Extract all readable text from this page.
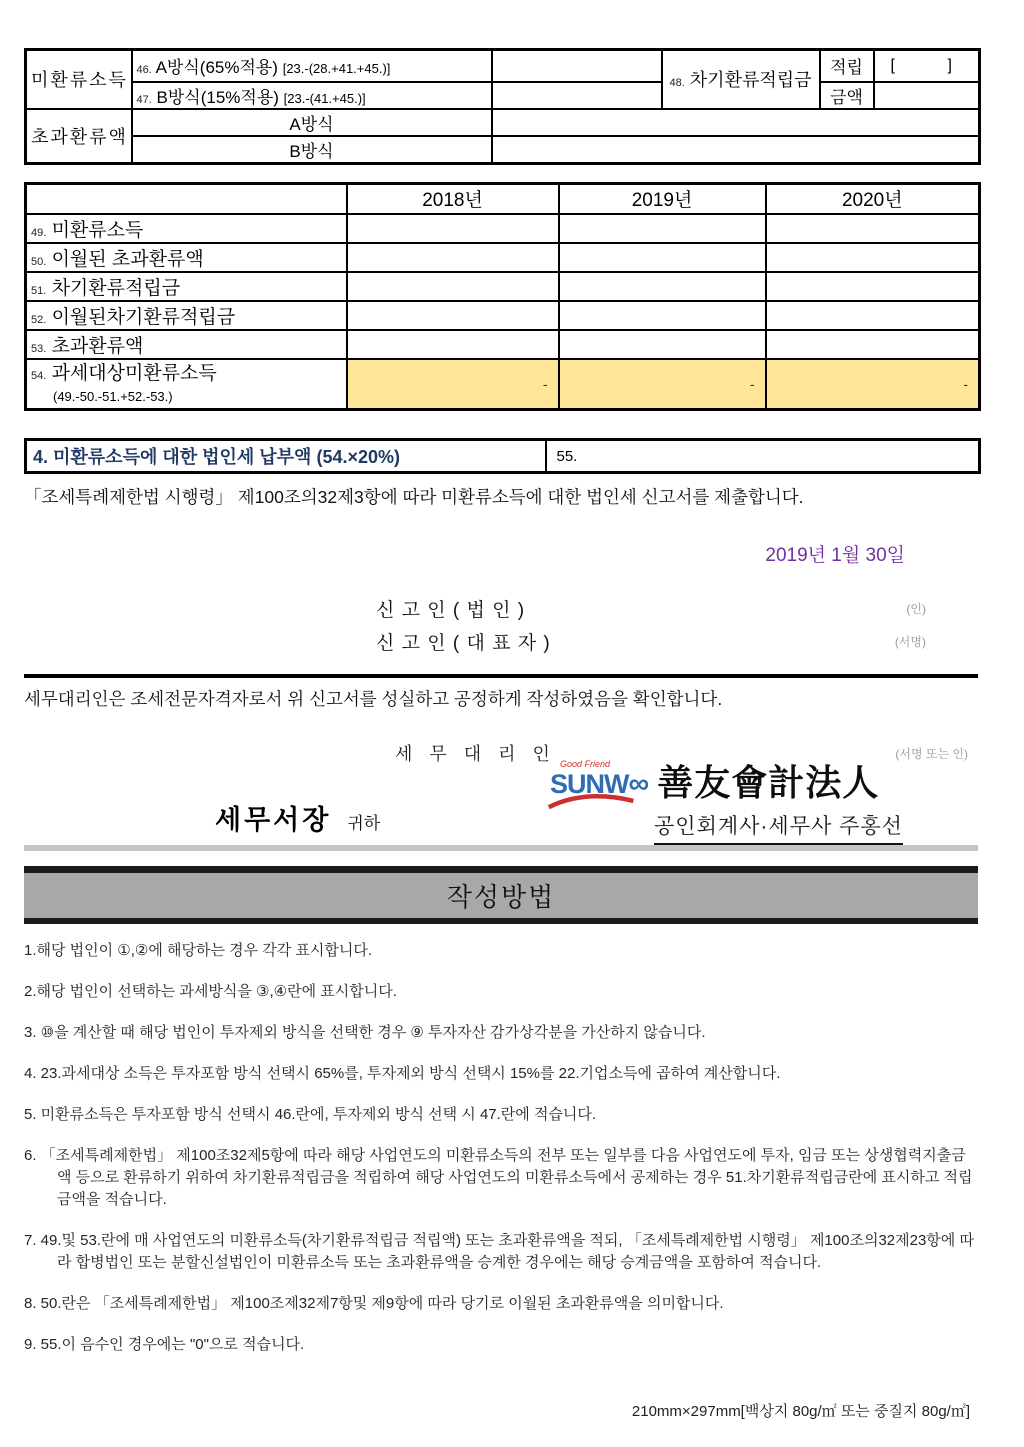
미환류소득	46. A방식(65%적용) [23.-(28.+41.+45.)]		48. 차기환류적립금	적립	[ ]

	47. B방식(15%적용) [23.-(41.+45.)]			금액	
초과환류액	A방식				
	B방식				
	2018년	2019년	2020년
49. 미환류소득			
50. 이월된 초과환류액			
51. 차기환류적립금			
52. 이월된차기환류적립금			
53. 초과환류액			
54. 과세대상미환류소득
(49.-50.-51.+52.-53.)	-	-	-
4. 미환류소득에 대한 법인세 납부액 (54.×20%)	55.
「조세특례제한법 시행령」 제100조의32제3항에 따라 미환류소득에 대한 법인세 신고서를 제출합니다.
2019년 1월 30일
신 고 인 ( 법 인 )	(인)
신 고 인 ( 대 표 자 )	(서명)
세무대리인은 조세전문자격자로서 위 신고서를 성실하고 공정하게 작성하였음을 확인합니다.
세 무 대 리 인	(서명 또는 인)
Good Friend
SUNW∞ 善友會計法人
공인회계사·세무사 주홍선
세무서장 귀하
작성방법
1.해당 법인이 ①,②에 해당하는 경우 각각 표시합니다.
2.해당 법인이 선택하는 과세방식을 ③,④란에 표시합니다.
3. ⑩을 계산할 때 해당 법인이 투자제외 방식을 선택한 경우 ⑨ 투자자산 감가상각분을 가산하지 않습니다.
4. 23.과세대상 소득은 투자포함 방식 선택시 65%를, 투자제외 방식 선택시 15%를 22.기업소득에 곱하여 계산합니다.
5. 미환류소득은 투자포함 방식 선택시 46.란에, 투자제외 방식 선택 시 47.란에 적습니다.
6. 「조세특례제한법」 제100조32제5항에 따라 해당 사업연도의 미환류소득의 전부 또는 일부를 다음 사업연도에 투자, 임금 또는 상생협력지출금액 등으로 환류하기 위하여 차기환류적립금을 적립하여 해당 사업연도의 미환류소득에서 공제하는 경우 51.차기환류적립금란에 표시하고 적립금액을 적습니다.
7. 49.및 53.란에 매 사업연도의 미환류소득(차기환류적립금 적립액) 또는 초과환류액을 적되, 「조세특례제한법 시행령」 제100조의32제23항에 따라 합병법인 또는 분할신설법인이 미환류소득 또는 초과환류액을 승계한 경우에는 해당 승계금액을 포함하여 적습니다.
8. 50.란은 「조세특례제한법」 제100조제32제7항및 제9항에 따라 당기로 이월된 초과환류액을 의미합니다.
9. 55.이 음수인 경우에는 "0"으로 적습니다.
210mm×297mm[백상지 80g/㎡ 또는 중질지 80g/㎡]
